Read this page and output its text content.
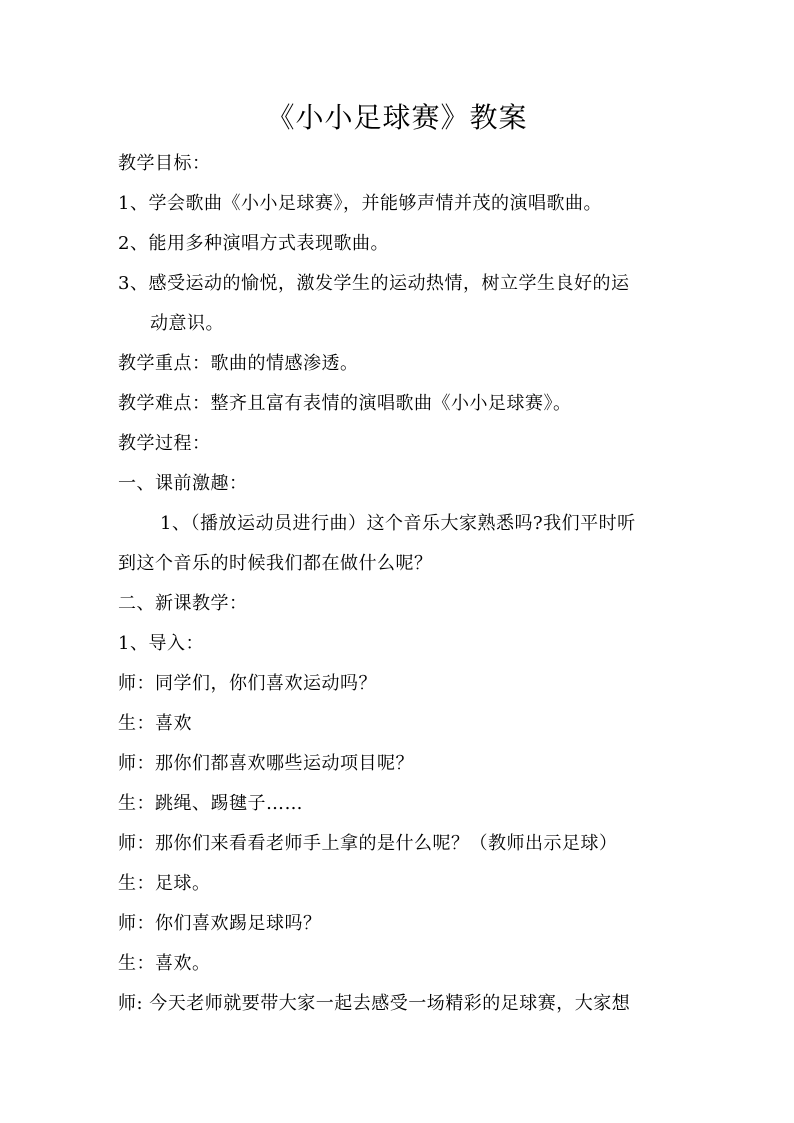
《小小足球赛》教案
教学目标：
1、学会歌曲《小小足球赛》，并能够声情并茂的演唱歌曲。
2、能用多种演唱方式表现歌曲。
3、感受运动的愉悦，激发学生的运动热情，树立学生良好的运
动意识。
教学重点：歌曲的情感渗透。
教学难点：整齐且富有表情的演唱歌曲《小小足球赛》。
教学过程：
一、课前激趣：
1、（播放运动员进行曲）这个音乐大家熟悉吗?我们平时听
到这个音乐的时候我们都在做什么呢？
二、新课教学：
1、导入：
师：同学们，你们喜欢运动吗？
生：喜欢
师：那你们都喜欢哪些运动项目呢？
生：跳绳、踢毽子……
师：那你们来看看老师手上拿的是什么呢？（教师出示足球）
生：足球。
师：你们喜欢踢足球吗？
生：喜欢。
师: 今天老师就要带大家一起去感受一场精彩的足球赛，大家想
